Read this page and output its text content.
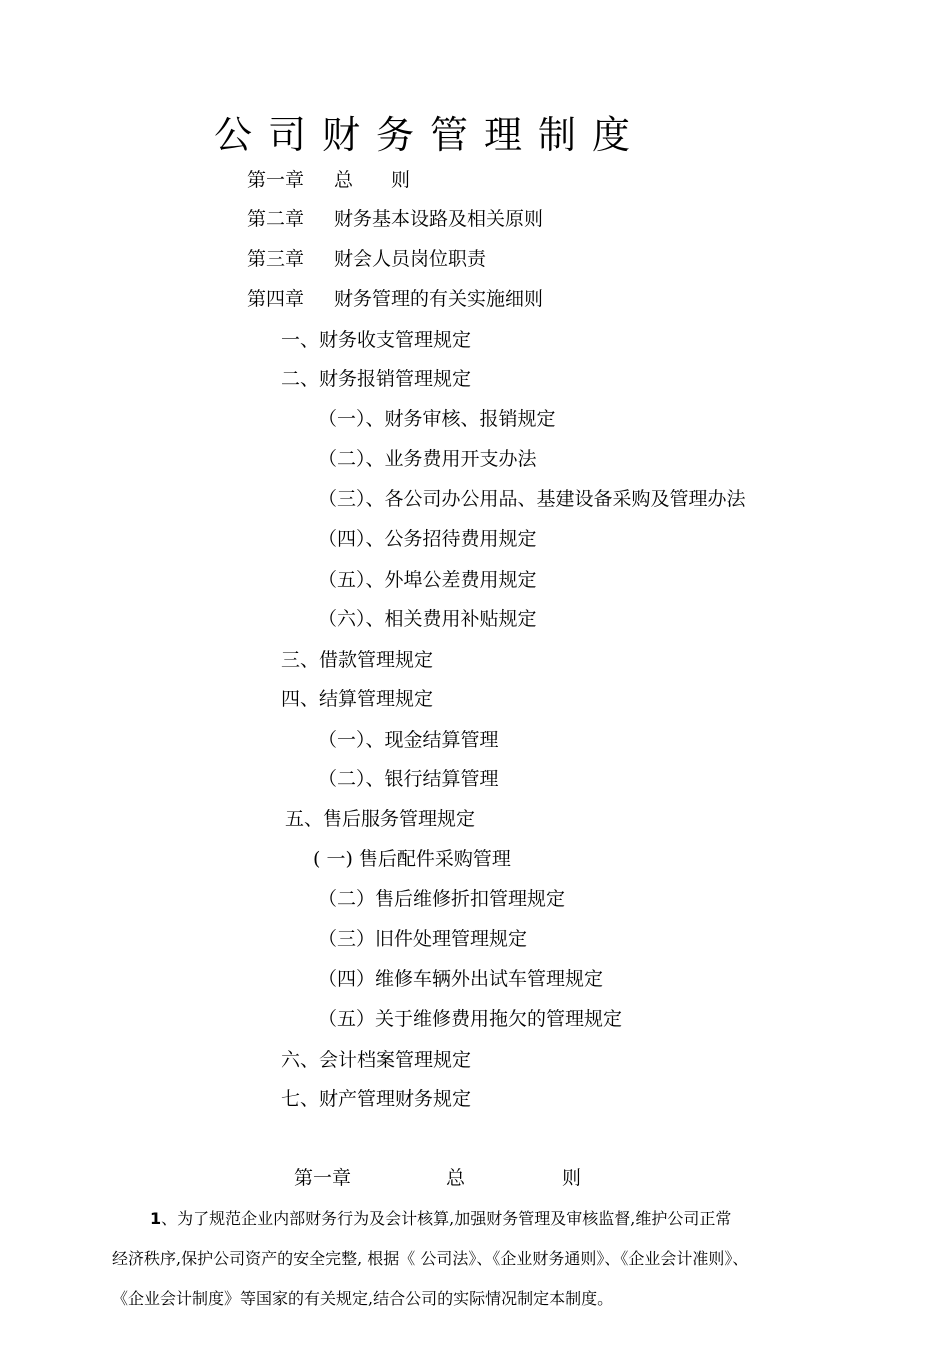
公司财务管理制度
第一章 总　　则
第二章 财务基本设路及相关原则
第三章 财会人员岗位职责
第四章 财务管理的有关实施细则
一、财务收支管理规定
二、财务报销管理规定
（一）、财务审核、报销规定
（二）、业务费用开支办法
（三）、各公司办公用品、基建设备采购及管理办法
（四）、公务招待费用规定
（五）、外埠公差费用规定
（六）、相关费用补贴规定
三、借款管理规定
四、结算管理规定
（一）、现金结算管理
（二）、银行结算管理
五、售后服务管理规定
( 一) 售后配件采购管理
（二）售后维修折扣管理规定
（三）旧件处理管理规定
（四）维修车辆外出试车管理规定
（五）关于维修费用拖欠的管理规定
六、会计档案管理规定
七、财产管理财务规定
第一章	总	则
1、为了规范企业内部财务行为及会计核算,加强财务管理及审核监督,维护公司正常
经济秩序,保护公司资产的安全完整, 根据《 公司法》、《企业财务通则》、《企业会计准则》、
《企业会计制度》等国家的有关规定,结合公司的实际情况制定本制度。
